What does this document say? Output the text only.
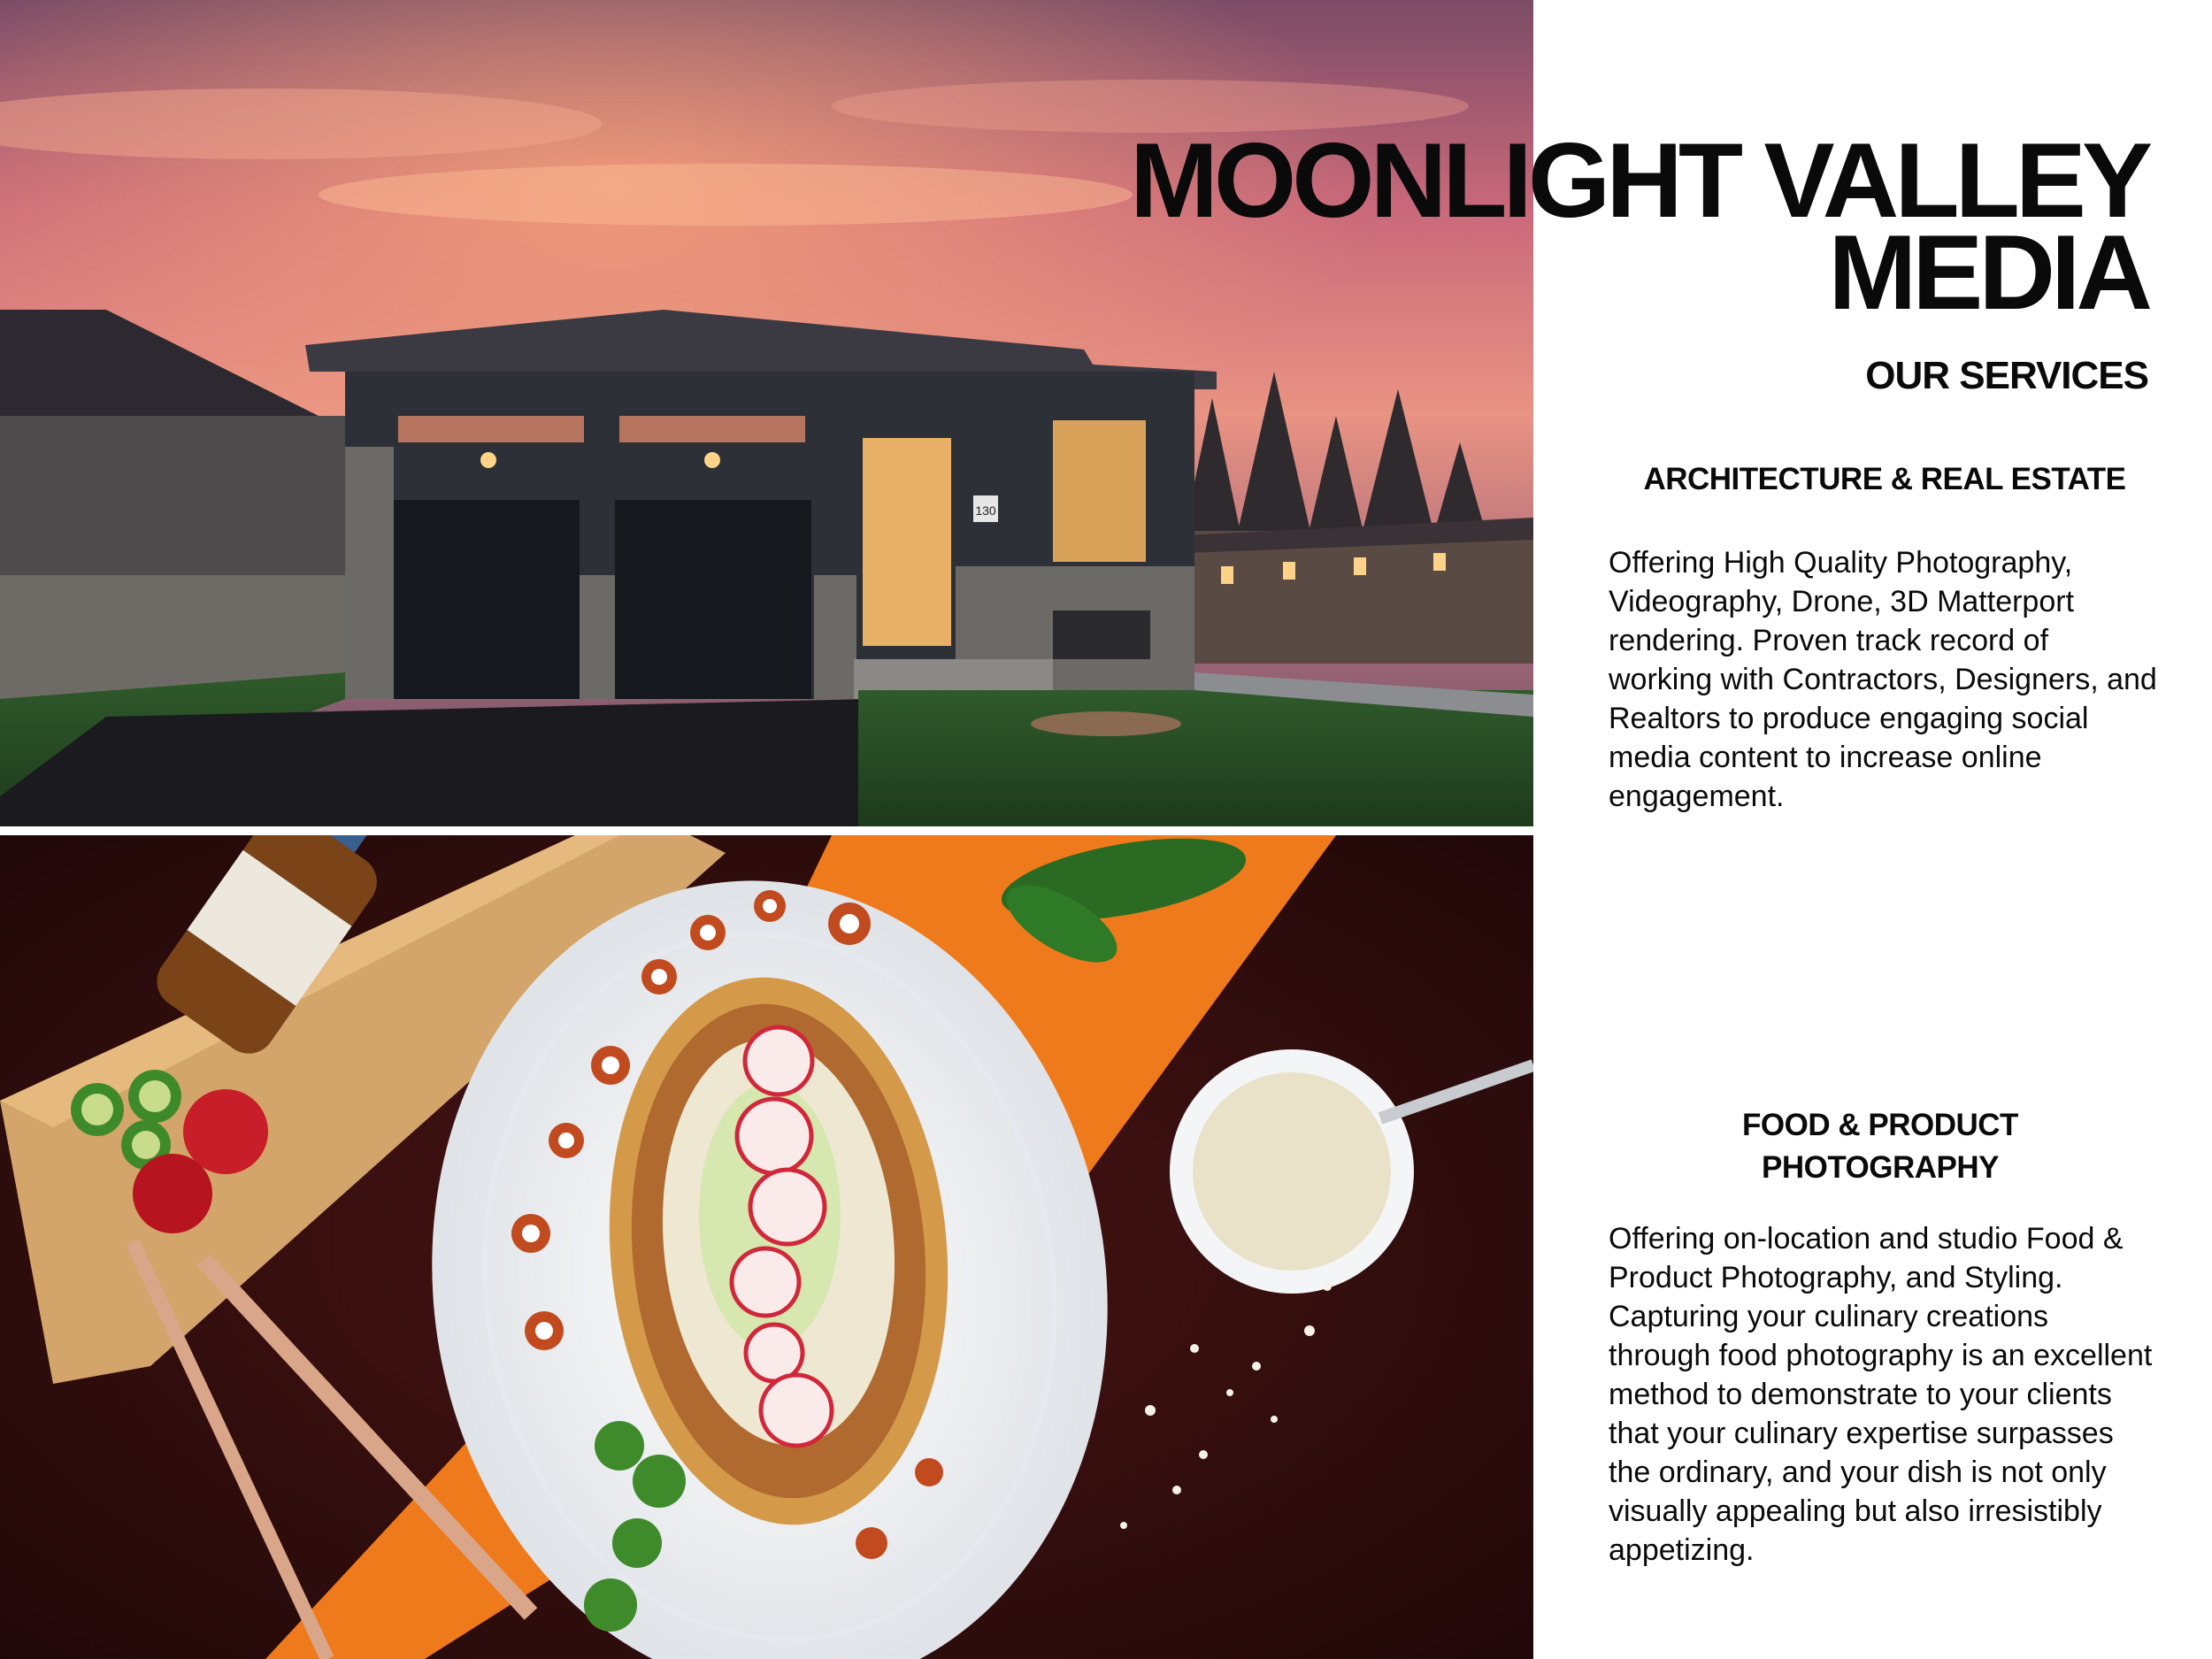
130
MOONLIGHT VALLEY
MEDIA
OUR SERVICES
ARCHITECTURE & REAL ESTATE

Offering High Quality Photography, Videography, Drone, 3D Matterport rendering. Proven track record of working with Contractors, Designers, and Realtors to produce engaging social media content to increase online engagement.

FOOD & PRODUCT PHOTOGRAPHY

Offering on-location and studio Food & Product Photography, and Styling. Capturing your culinary creations through food photography is an excellent method to demonstrate to your clients that your culinary expertise surpasses the ordinary, and your dish is not only visually appealing but also irresistibly appetizing.
